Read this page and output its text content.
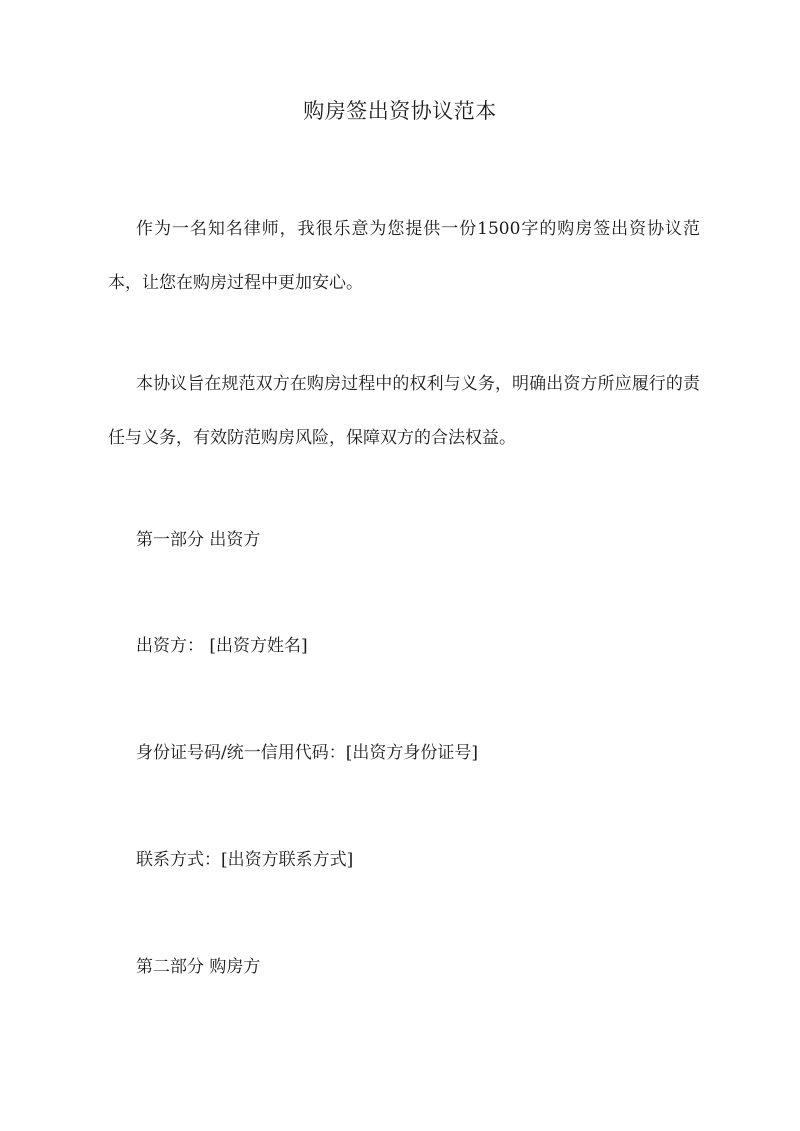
购房签出资协议范本

作为一名知名律师，我很乐意为您提供一份1500字的购房签出资协议范本，让您在购房过程中更加安心。

本协议旨在规范双方在购房过程中的权利与义务，明确出资方所应履行的责任与义务，有效防范购房风险，保障双方的合法权益。

第一部分 出资方

出资方： [出资方姓名]

身份证号码/统一信用代码：[出资方身份证号]

联系方式：[出资方联系方式]

第二部分 购房方
